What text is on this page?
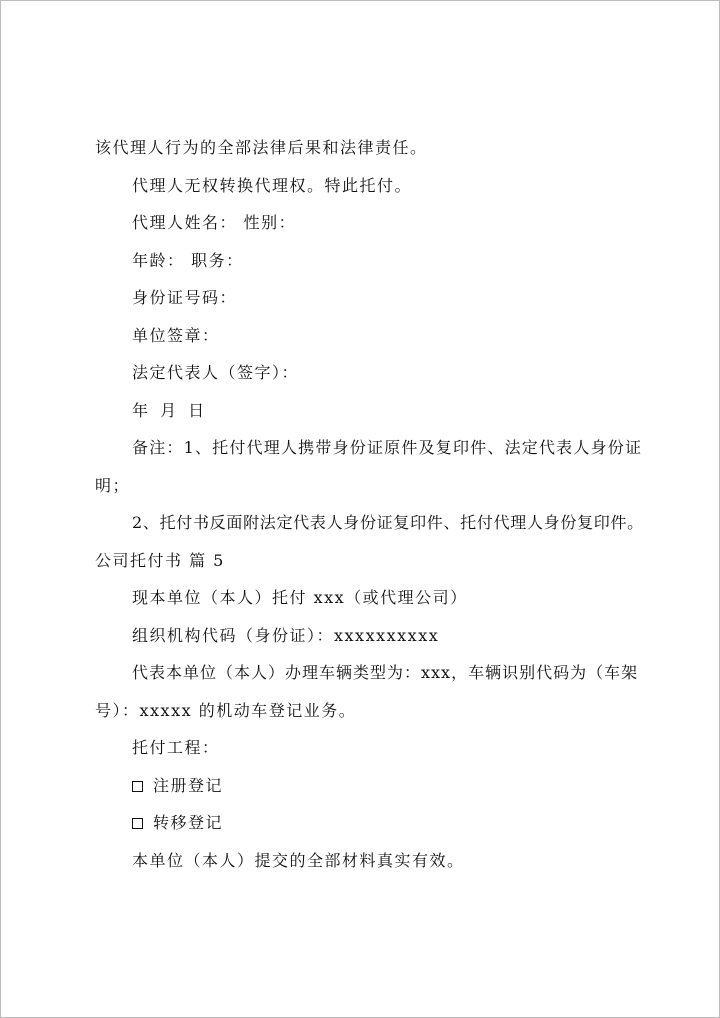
该代理人行为的全部法律后果和法律责任。
代理人无权转换代理权。特此托付。
代理人姓名： 性别：
年龄： 职务：
身份证号码：
单位签章：
法定代表人（签字）：
年 月 日
备注：1、托付代理人携带身份证原件及复印件、法定代表人身份证
明；
2、托付书反面附法定代表人身份证复印件、托付代理人身份复印件。
公司托付书 篇 5
现本单位（本人）托付 xxx（或代理公司）
组织机构代码（身份证）：xxxxxxxxxx
代表本单位（本人）办理车辆类型为：xxx，车辆识别代码为（车架
号）：xxxxx 的机动车登记业务。
托付工程：
注册登记
转移登记
本单位（本人）提交的全部材料真实有效。
